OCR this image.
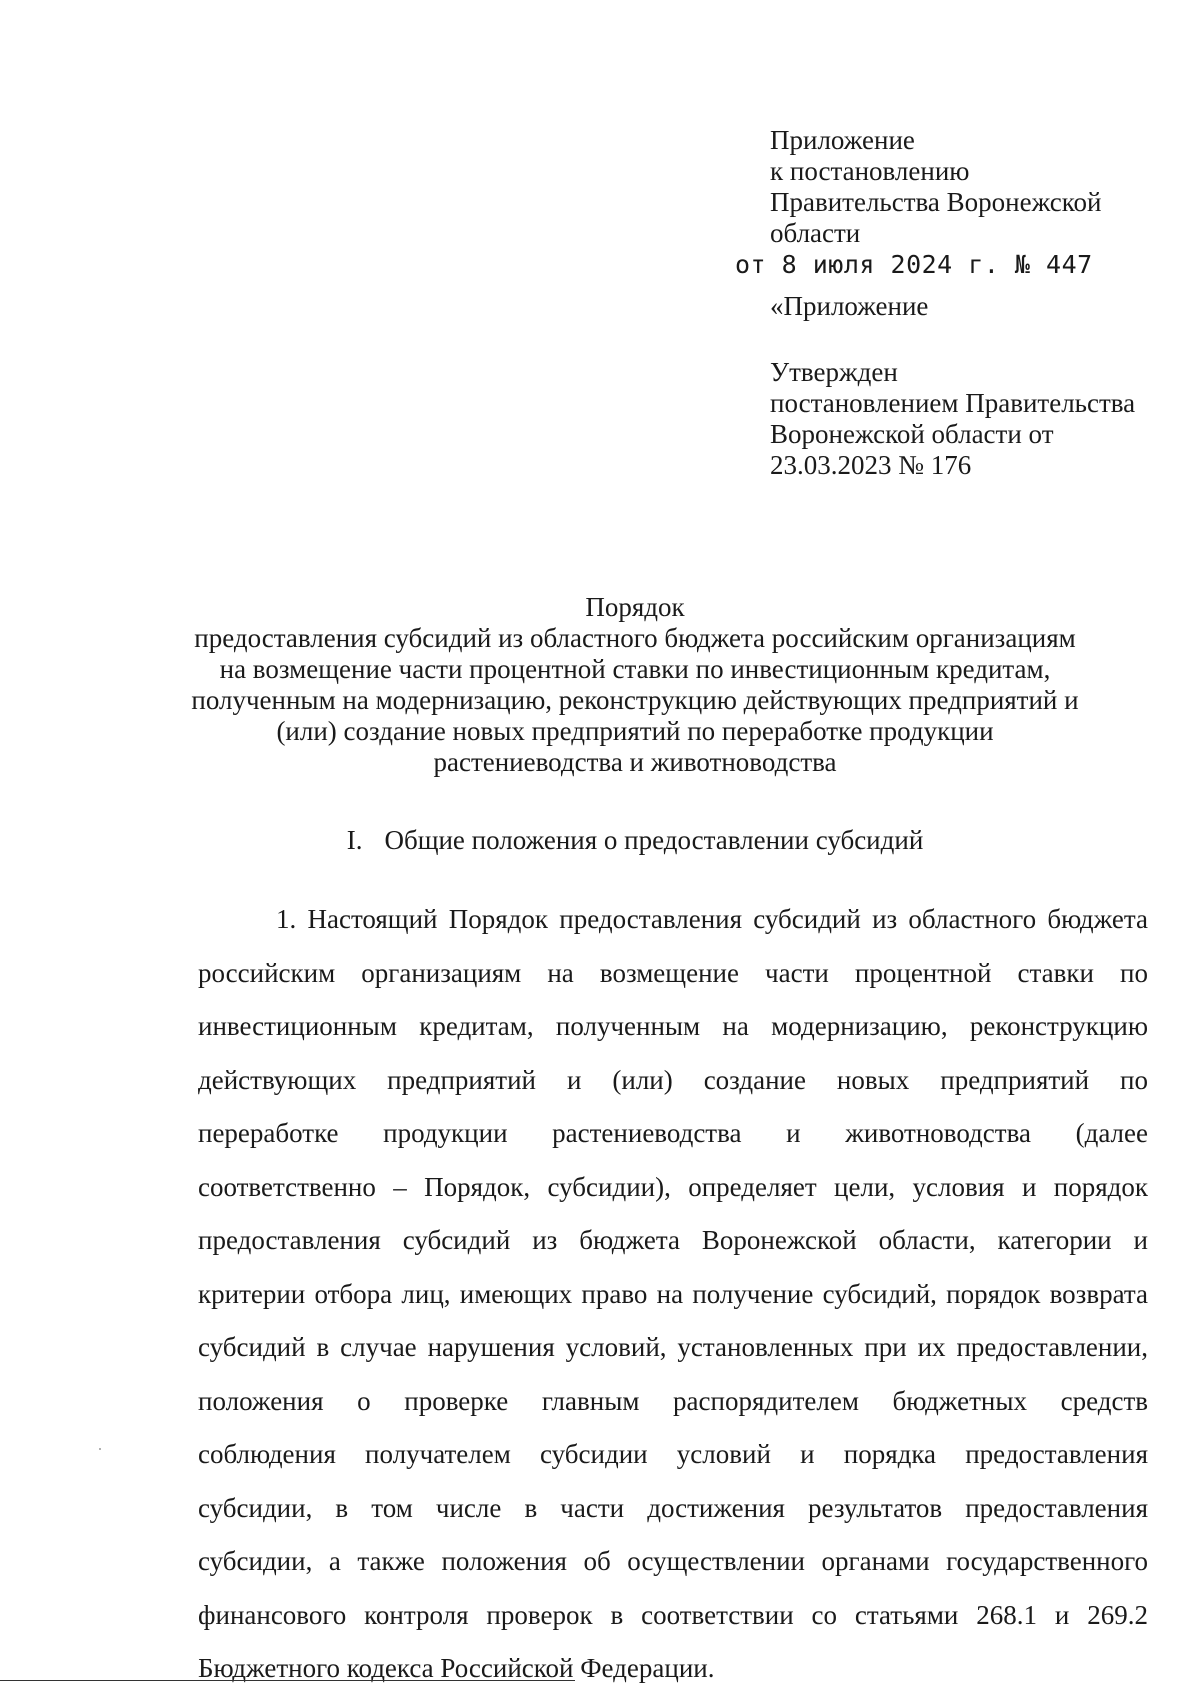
Приложение
к постановлению
Правительства Воронежской
области
от 8 июля 2024 г. № 447
«Приложение
Утвержден
постановлением Правительства
Воронежской области от
23.03.2023 № 176
Порядок
предоставления субсидий из областного бюджета российским организациям
на возмещение части процентной ставки по инвестиционным кредитам,
полученным на модернизацию, реконструкцию действующих предприятий и
(или) создание новых предприятий по переработке продукции
растениеводства и животноводства
I. Общие положения о предоставлении субсидий
1. Настоящий Порядок предоставления субсидий из областного бюджета
российским организациям на возмещение части процентной ставки по
инвестиционным кредитам, полученным на модернизацию, реконструкцию
действующих предприятий и (или) создание новых предприятий по
переработке продукции растениеводства и животноводства (далее
соответственно – Порядок, субсидии), определяет цели, условия и порядок
предоставления субсидий из бюджета Воронежской области, категории и
критерии отбора лиц, имеющих право на получение субсидий, порядок возврата
субсидий в случае нарушения условий, установленных при их предоставлении,
положения о проверке главным распорядителем бюджетных средств
соблюдения получателем субсидии условий и порядка предоставления
субсидии, в том числе в части достижения результатов предоставления
субсидии, а также положения об осуществлении органами государственного
финансового контроля проверок в соответствии со статьями 268.1 и 269.2
Бюджетного кодекса Российской Федерации.
